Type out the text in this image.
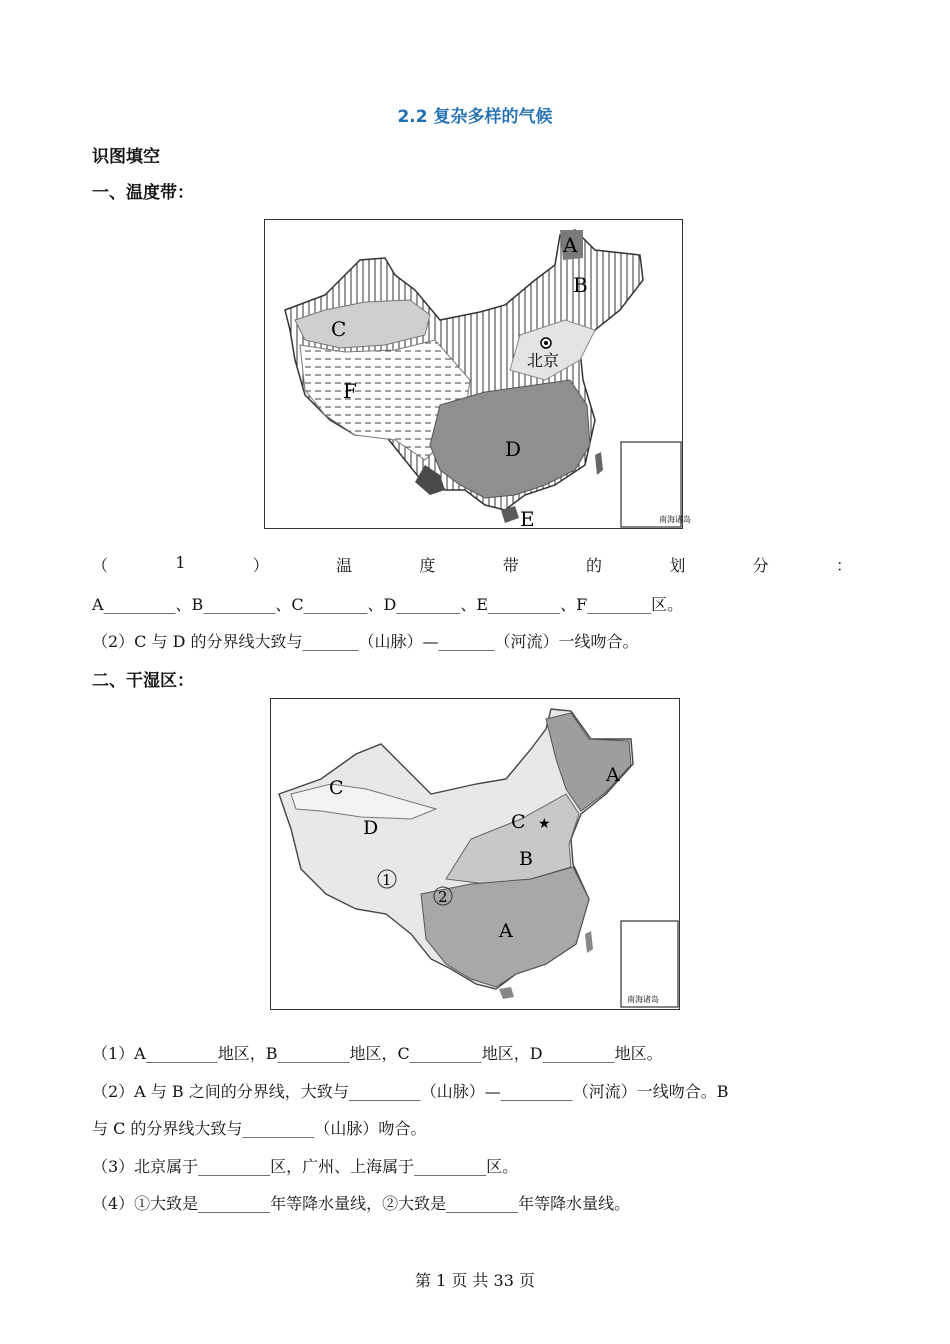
2.2 复杂多样的气候
识图填空
一、温度带：
A
B
C
D
E
F
北京
南海诸岛
（	1	）	温	度	带	的	划	分	：
A_________、B_________、C________、D________、E_________、F________区。
（2）C 与 D 的分界线大致与_______（山脉）—_______（河流）一线吻合。
二、干湿区：
★
A
A
B
C
C
D
1
2
南海诸岛
（1）A_________地区，B_________地区，C_________地区，D_________地区。
（2）A 与 B 之间的分界线，大致与_________（山脉）—_________（河流）一线吻合。B
与 C 的分界线大致与_________（山脉）吻合。
（3）北京属于_________区，广州、上海属于_________区。
（4）①大致是_________年等降水量线，②大致是_________年等降水量线。
第 1 页 共 33 页
